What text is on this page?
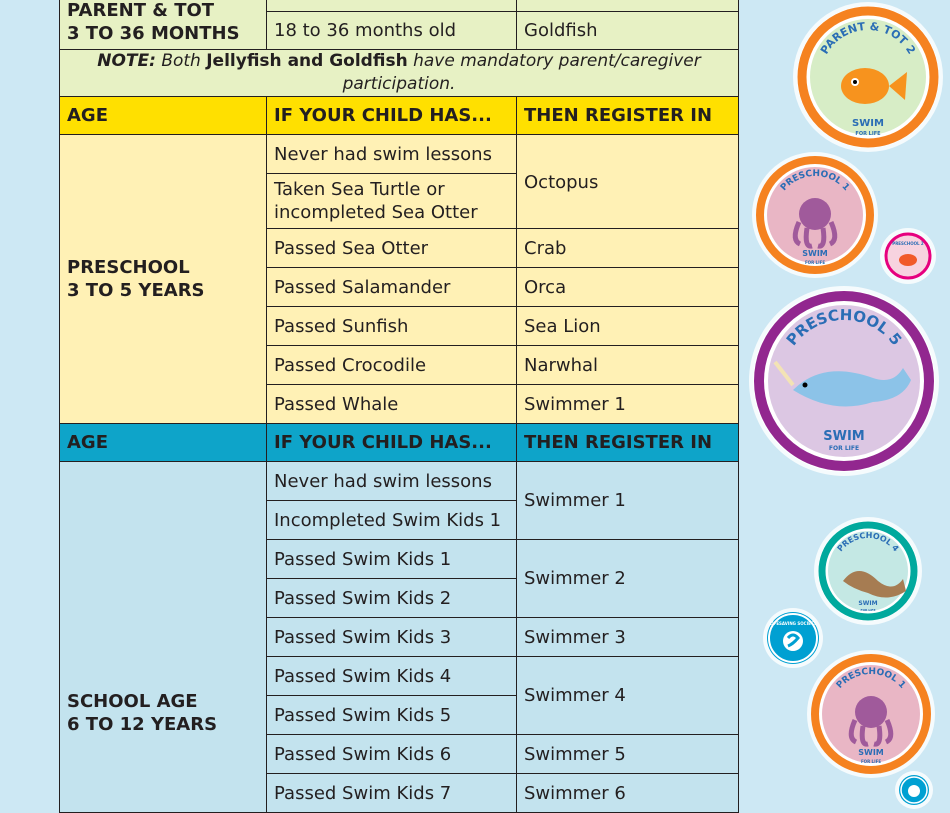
PARENT & TOT
3 TO 36 MONTHS		
	18 to 36 months old	Goldfish
NOTE: Both Jellyfish and Goldfish have mandatory parent/caregiver participation.		
AGE	IF YOUR CHILD HAS...	THEN REGISTER IN
PRESCHOOL
3 TO 5 YEARS	Never had swim lessons	Octopus
	Taken Sea Turtle or incompleted Sea Otter	
	Passed Sea Otter	Crab
	Passed Salamander	Orca
	Passed Sunfish	Sea Lion
	Passed Crocodile	Narwhal
	Passed Whale	Swimmer 1
AGE	IF YOUR CHILD HAS...	THEN REGISTER IN
SCHOOL AGE
6 TO 12 YEARS	Never had swim lessons	Swimmer 1
	Incompleted Swim Kids 1	
	Passed Swim Kids 1	Swimmer 2
	Passed Swim Kids 2	
	Passed Swim Kids 3	Swimmer 3
	Passed Swim Kids 4	Swimmer 4
	Passed Swim Kids 5	
	Passed Swim Kids 6	Swimmer 5
	Passed Swim Kids 7	Swimmer 6
PARENT & TOT 2
SWIM
FOR LIFE
PRESCHOOL 1
SWIM
FOR LIFE
PRESCHOOL 2
PRESCHOOL 5
SWIM
FOR LIFE
PRESCHOOL 4
SWIM
FOR LIFE
LIFESAVING SOCIETY
PRESCHOOL 1
SWIM
FOR LIFE
